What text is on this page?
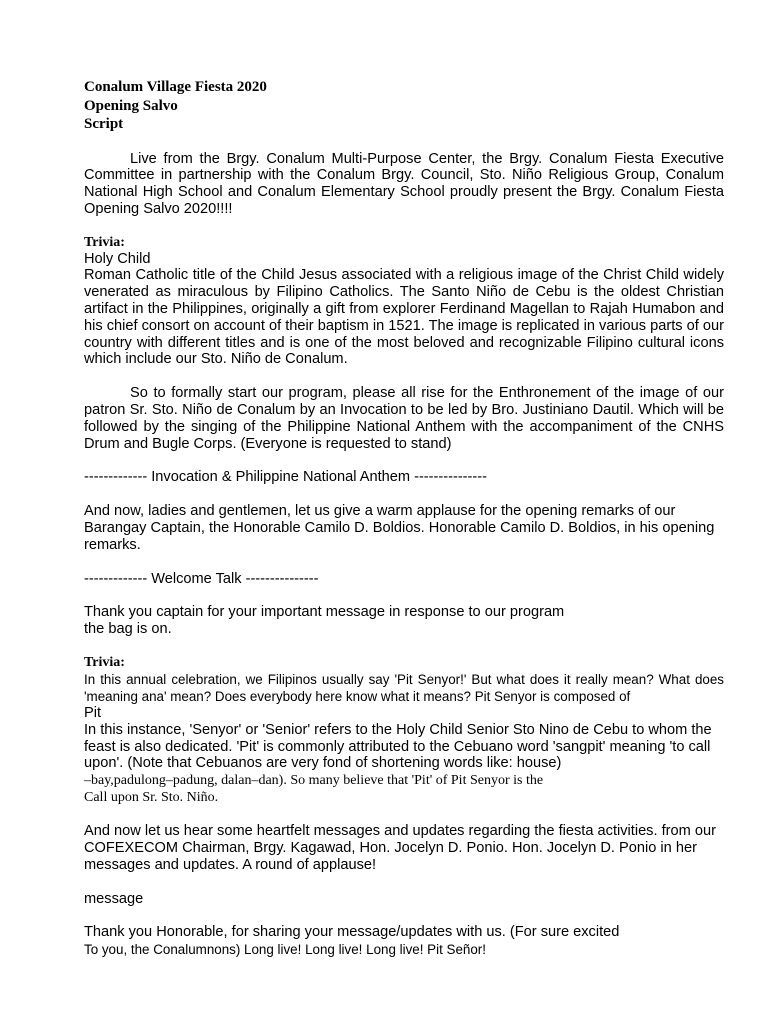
Conalum Village Fiesta 2020
Opening Salvo
Script

Live from the Brgy. Conalum Multi-Purpose Center, the Brgy. Conalum Fiesta Executive Committee in partnership with the Conalum Brgy. Council, Sto. Niño Religious Group, Conalum National High School and Conalum Elementary School proudly present the Brgy. Conalum Fiesta Opening Salvo 2020!!!!

Trivia:
Holy Child

Roman Catholic title of the Child Jesus associated with a religious image of the Christ Child widely venerated as miraculous by Filipino Catholics. The Santo Niño de Cebu is the oldest Christian artifact in the Philippines, originally a gift from explorer Ferdinand Magellan to Rajah Humabon and his chief consort on account of their baptism in 1521. The image is replicated in various parts of our country with different titles and is one of the most beloved and recognizable Filipino cultural icons which include our Sto. Niño de Conalum.

So to formally start our program, please all rise for the Enthronement of the image of our patron Sr. Sto. Niño de Conalum by an Invocation to be led by Bro. Justiniano Dautil. Which will be followed by the singing of the Philippine National Anthem with the accompaniment of the CNHS Drum and Bugle Corps. (Everyone is requested to stand)

------------- Invocation & Philippine National Anthem ---------------

And now, ladies and gentlemen, let us give a warm applause for the opening remarks of our Barangay Captain, the Honorable Camilo D. Boldios. Honorable Camilo D. Boldios, in his opening remarks.

------------- Welcome Talk ---------------
Thank you captain for your important message in response to our program
the bag is on.
Trivia:

In this annual celebration, we Filipinos usually say 'Pit Senyor!' But what does it really mean? What does 'meaning ana' mean? Does everybody here know what it means? Pit Senyor is composed of

Pit

In this instance, 'Senyor' or 'Senior' refers to the Holy Child Senior Sto Nino de Cebu to whom the feast is also dedicated. 'Pit' is commonly attributed to the Cebuano word 'sangpit' meaning 'to call upon'. (Note that Cebuanos are very fond of shortening words like: house)

–bay,padulong–padung, dalan–dan). So many believe that 'Pit' of Pit Senyor is the
Call upon Sr. Sto. Niño.

And now let us hear some heartfelt messages and updates regarding the fiesta activities. from our COFEXECOM Chairman, Brgy. Kagawad, Hon. Jocelyn D. Ponio. Hon. Jocelyn D. Ponio in her messages and updates. A round of applause!

message
Thank you Honorable, for sharing your message/updates with us. (For sure excited
To you, the Conalumnons) Long live! Long live! Long live! Pit Señor!
